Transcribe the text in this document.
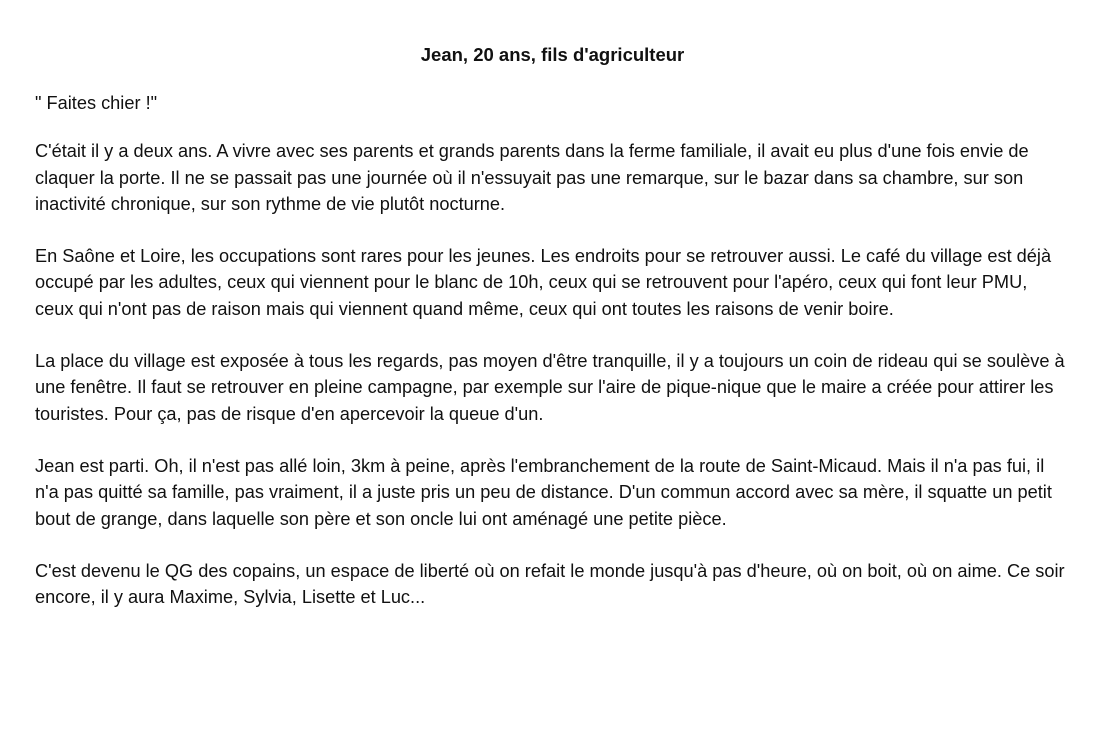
Jean, 20 ans, fils d'agriculteur

" Faites chier !"

C'était il y a deux ans. A vivre avec ses parents et grands parents dans la ferme familiale, il avait eu plus d'une fois envie de claquer la porte. Il ne se passait pas une journée où il n'essuyait pas une remarque, sur le bazar dans sa chambre, sur son inactivité chronique, sur son rythme de vie plutôt nocturne.

En Saône et Loire, les occupations sont rares pour les jeunes. Les endroits pour se retrouver aussi. Le café du village est déjà occupé par les adultes, ceux qui viennent pour le blanc de 10h, ceux qui se retrouvent pour l'apéro, ceux qui font leur PMU, ceux qui n'ont pas de raison mais qui viennent quand même, ceux qui ont toutes les raisons de venir boire.

La place du village est exposée à tous les regards, pas moyen d'être tranquille, il y a toujours un coin de rideau qui se soulève à une fenêtre. Il faut se retrouver en pleine campagne, par exemple sur l'aire de pique-nique que le maire a créée pour attirer les touristes. Pour ça, pas de risque d'en apercevoir la queue d'un.

Jean est parti. Oh, il n'est pas allé loin, 3km à peine, après l'embranchement de la route de Saint-Micaud. Mais il n'a pas fui, il n'a pas quitté sa famille, pas vraiment, il a juste pris un peu de distance. D'un commun accord avec sa mère, il squatte un petit bout de grange, dans laquelle son père et son oncle lui ont aménagé une petite pièce.

C'est devenu le QG des copains, un espace de liberté où on refait le monde jusqu'à pas d'heure, où on boit, où on aime. Ce soir encore, il y aura Maxime, Sylvia, Lisette et Luc...
